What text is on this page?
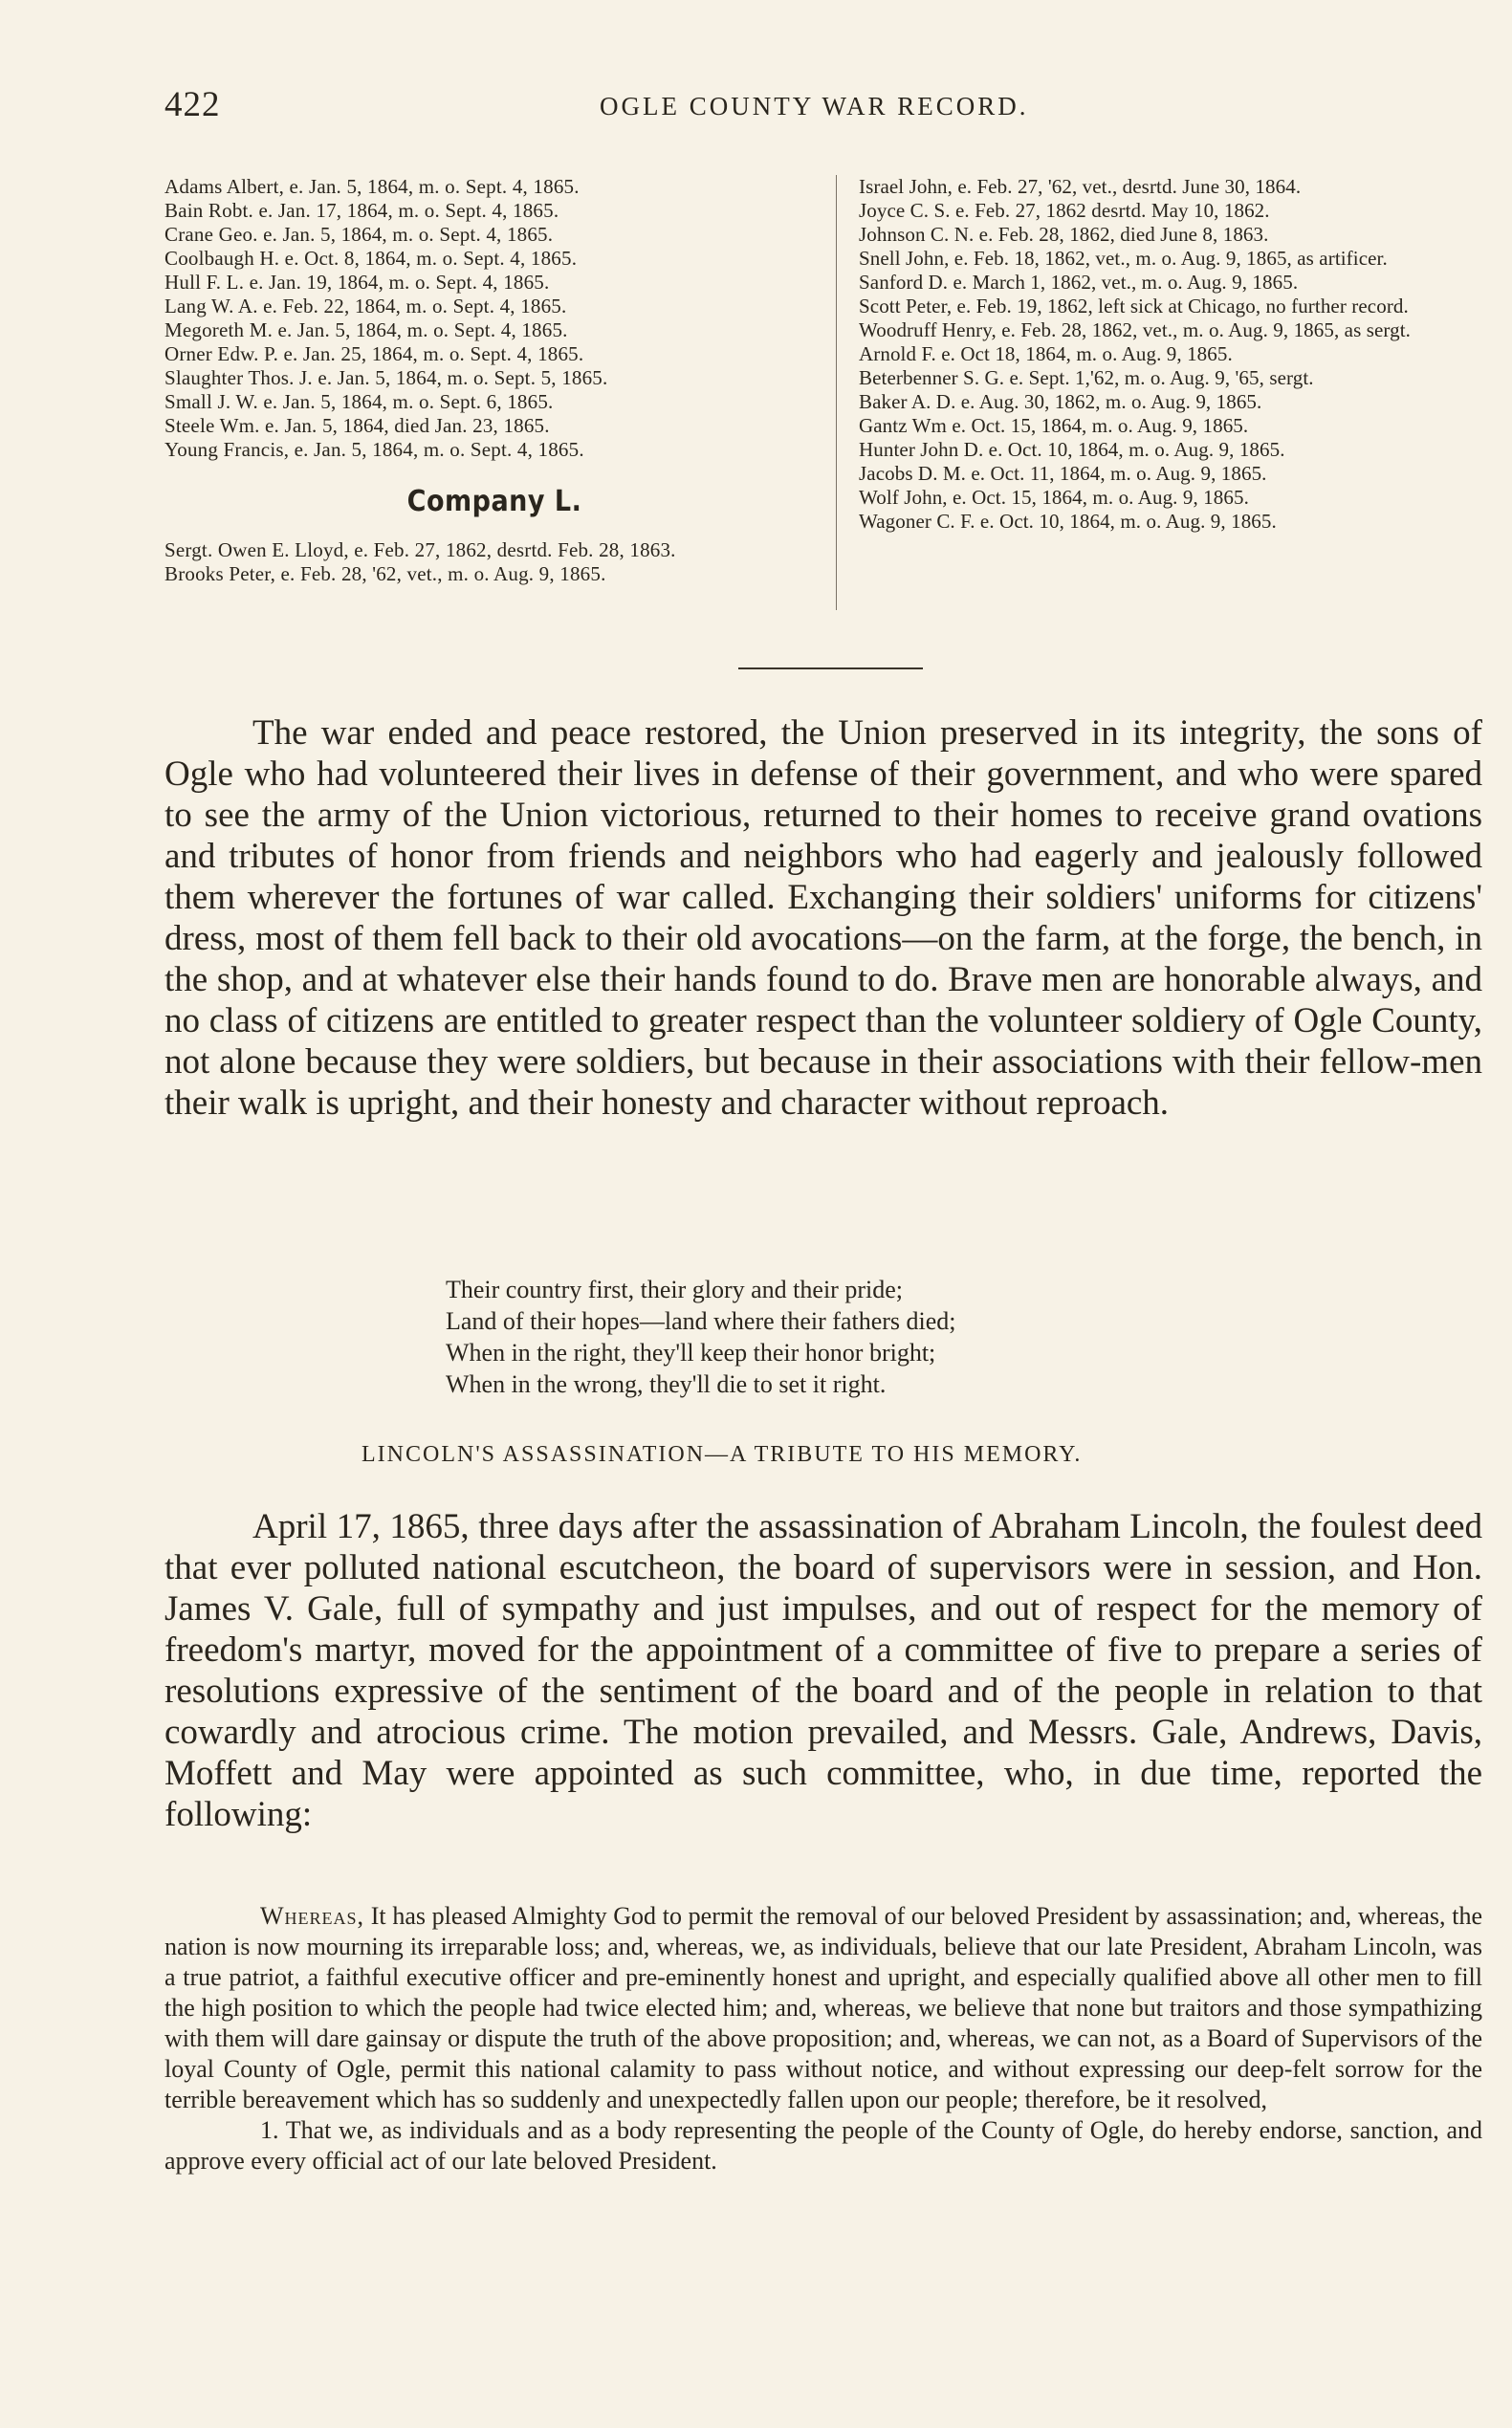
422	OGLE COUNTY WAR RECORD.
Adams Albert, e. Jan. 5, 1864, m. o. Sept. 4, 1865.
Bain Robt. e. Jan. 17, 1864, m. o. Sept. 4, 1865.
Crane Geo. e. Jan. 5, 1864, m. o. Sept. 4, 1865.
Coolbaugh H. e. Oct. 8, 1864, m. o. Sept. 4, 1865.
Hull F. L. e. Jan. 19, 1864, m. o. Sept. 4, 1865.
Lang W. A. e. Feb. 22, 1864, m. o. Sept. 4, 1865.
Megoreth M. e. Jan. 5, 1864, m. o. Sept. 4, 1865.
Orner Edw. P. e. Jan. 25, 1864, m. o. Sept. 4, 1865.
Slaughter Thos. J. e. Jan. 5, 1864, m. o. Sept. 5, 1865.
Small J. W. e. Jan. 5, 1864, m. o. Sept. 6, 1865.
Steele Wm. e. Jan. 5, 1864, died Jan. 23, 1865.
Young Francis, e. Jan. 5, 1864, m. o. Sept. 4, 1865.
Company L.
Sergt. Owen E. Lloyd, e. Feb. 27, 1862, desrtd. Feb. 28, 1863.
Brooks Peter, e. Feb. 28, '62, vet., m. o. Aug. 9, 1865.
Israel John, e. Feb. 27, '62, vet., desrtd. June 30, 1864.
Joyce C. S. e. Feb. 27, 1862 desrtd. May 10, 1862.
Johnson C. N. e. Feb. 28, 1862, died June 8, 1863.
Snell John, e. Feb. 18, 1862, vet., m. o. Aug. 9, 1865, as artificer.
Sanford D. e. March 1, 1862, vet., m. o. Aug. 9, 1865.
Scott Peter, e. Feb. 19, 1862, left sick at Chicago, no further record.
Woodruff Henry, e. Feb. 28, 1862, vet., m. o. Aug. 9, 1865, as sergt.
Arnold F. e. Oct 18, 1864, m. o. Aug. 9, 1865.
Beterbenner S. G. e. Sept. 1,'62, m. o. Aug. 9, '65, sergt.
Baker A. D. e. Aug. 30, 1862, m. o. Aug. 9, 1865.
Gantz Wm e. Oct. 15, 1864, m. o. Aug. 9, 1865.
Hunter John D. e. Oct. 10, 1864, m. o. Aug. 9, 1865.
Jacobs D. M. e. Oct. 11, 1864, m. o. Aug. 9, 1865.
Wolf John, e. Oct. 15, 1864, m. o. Aug. 9, 1865.
Wagoner C. F. e. Oct. 10, 1864, m. o. Aug. 9, 1865.

The war ended and peace restored, the Union preserved in its integrity, the sons of Ogle who had volunteered their lives in defense of their government, and who were spared to see the army of the Union victorious, returned to their homes to receive grand ovations and tributes of honor from friends and neighbors who had eagerly and jealously followed them wherever the fortunes of war called. Exchanging their soldiers' uniforms for citizens' dress, most of them fell back to their old avocations—on the farm, at the forge, the bench, in the shop, and at whatever else their hands found to do. Brave men are honorable always, and no class of citizens are entitled to greater respect than the volunteer soldiery of Ogle County, not alone because they were soldiers, but because in their associations with their fellow-men their walk is upright, and their honesty and character without reproach.

Their country first, their glory and their pride;
Land of their hopes—land where their fathers died;
When in the right, they'll keep their honor bright;
When in the wrong, they'll die to set it right.
LINCOLN'S ASSASSINATION—A TRIBUTE TO HIS MEMORY.

April 17, 1865, three days after the assassination of Abraham Lincoln, the foulest deed that ever polluted national escutcheon, the board of supervisors were in session, and Hon. James V. Gale, full of sympathy and just impulses, and out of respect for the memory of freedom's martyr, moved for the appointment of a committee of five to prepare a series of resolutions expressive of the sentiment of the board and of the people in relation to that cowardly and atrocious crime. The motion prevailed, and Messrs. Gale, Andrews, Davis, Moffett and May were appointed as such committee, who, in due time, reported the following:

Whereas, It has pleased Almighty God to permit the removal of our beloved President by assassination; and, whereas, the nation is now mourning its irreparable loss; and, whereas, we, as individuals, believe that our late President, Abraham Lincoln, was a true patriot, a faithful executive officer and pre-eminently honest and upright, and especially qualified above all other men to fill the high position to which the people had twice elected him; and, whereas, we believe that none but traitors and those sympathizing with them will dare gainsay or dispute the truth of the above proposition; and, whereas, we can not, as a Board of Supervisors of the loyal County of Ogle, permit this national calamity to pass without notice, and without expressing our deep-felt sorrow for the terrible bereavement which has so suddenly and unexpectedly fallen upon our people; therefore, be it resolved,

1. That we, as individuals and as a body representing the people of the County of Ogle, do hereby endorse, sanction, and approve every official act of our late beloved President.
